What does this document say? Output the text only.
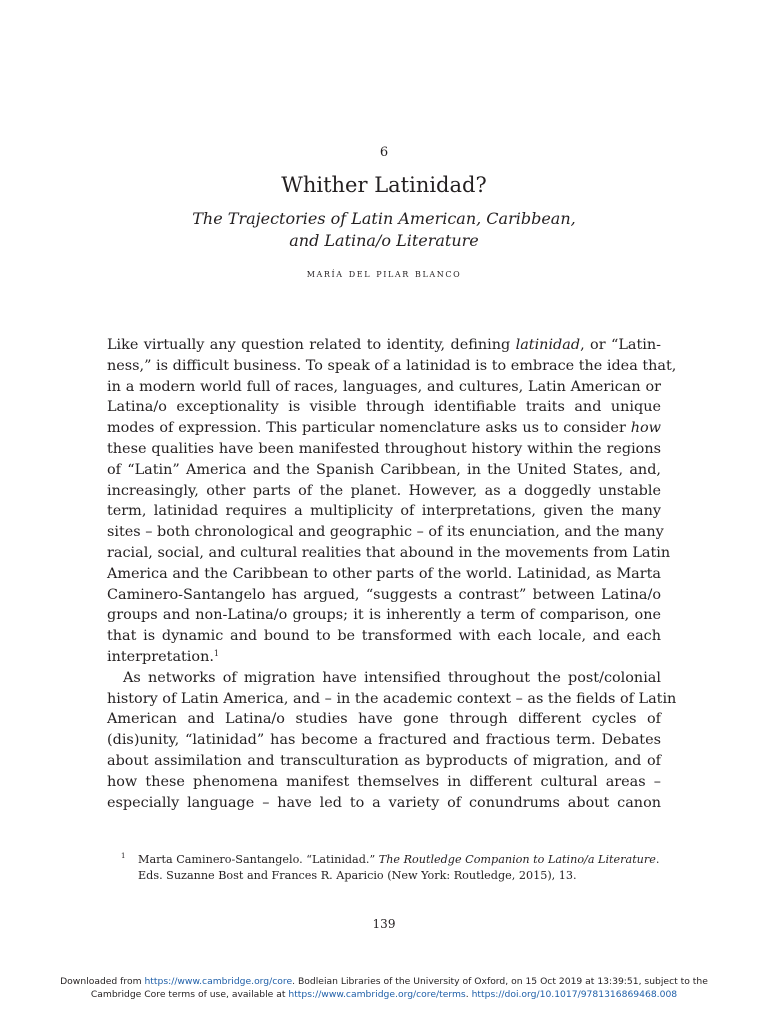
6
Whither Latinidad?
The Trajectories of Latin American, Caribbean,
and Latina/o Literature
maría del pilar blanco
Like virtually any question related to identity, defining latinidad, or “Latin-
ness,” is difficult business. To speak of a latinidad is to embrace the idea that,
in a modern world full of races, languages, and cultures, Latin American or
Latina/o exceptionality is visible through identifiable traits and unique
modes of expression. This particular nomenclature asks us to consider how
these qualities have been manifested throughout history within the regions
of “Latin” America and the Spanish Caribbean, in the United States, and,
increasingly, other parts of the planet. However, as a doggedly unstable
term, latinidad requires a multiplicity of interpretations, given the many
sites – both chronological and geographic – of its enunciation, and the many
racial, social, and cultural realities that abound in the movements from Latin
America and the Caribbean to other parts of the world. Latinidad, as Marta
Caminero-Santangelo has argued, “suggests a contrast” between Latina/o
groups and non-Latina/o groups; it is inherently a term of comparison, one
that is dynamic and bound to be transformed with each locale, and each
interpretation.$^1$
As networks of migration have intensified throughout the post/colonial
history of Latin America, and – in the academic context – as the fields of Latin
American and Latina/o studies have gone through different cycles of
(dis)unity, “latinidad” has become a fractured and fractious term. Debates
about assimilation and transculturation as byproducts of migration, and of
how these phenomena manifest themselves in different cultural areas –
especially language – have led to a variety of conundrums about canon
1	Marta Caminero-Santangelo. “Latinidad.” The Routledge Companion to Latino/a Literature.
Eds. Suzanne Bost and Frances R. Aparicio (New York: Routledge, 2015), 13.
139
Downloaded from https://www.cambridge.org/core. Bodleian Libraries of the University of Oxford, on 15 Oct 2019 at 13:39:51, subject to the
Cambridge Core terms of use, available at https://www.cambridge.org/core/terms. https://doi.org/10.1017/9781316869468.008
